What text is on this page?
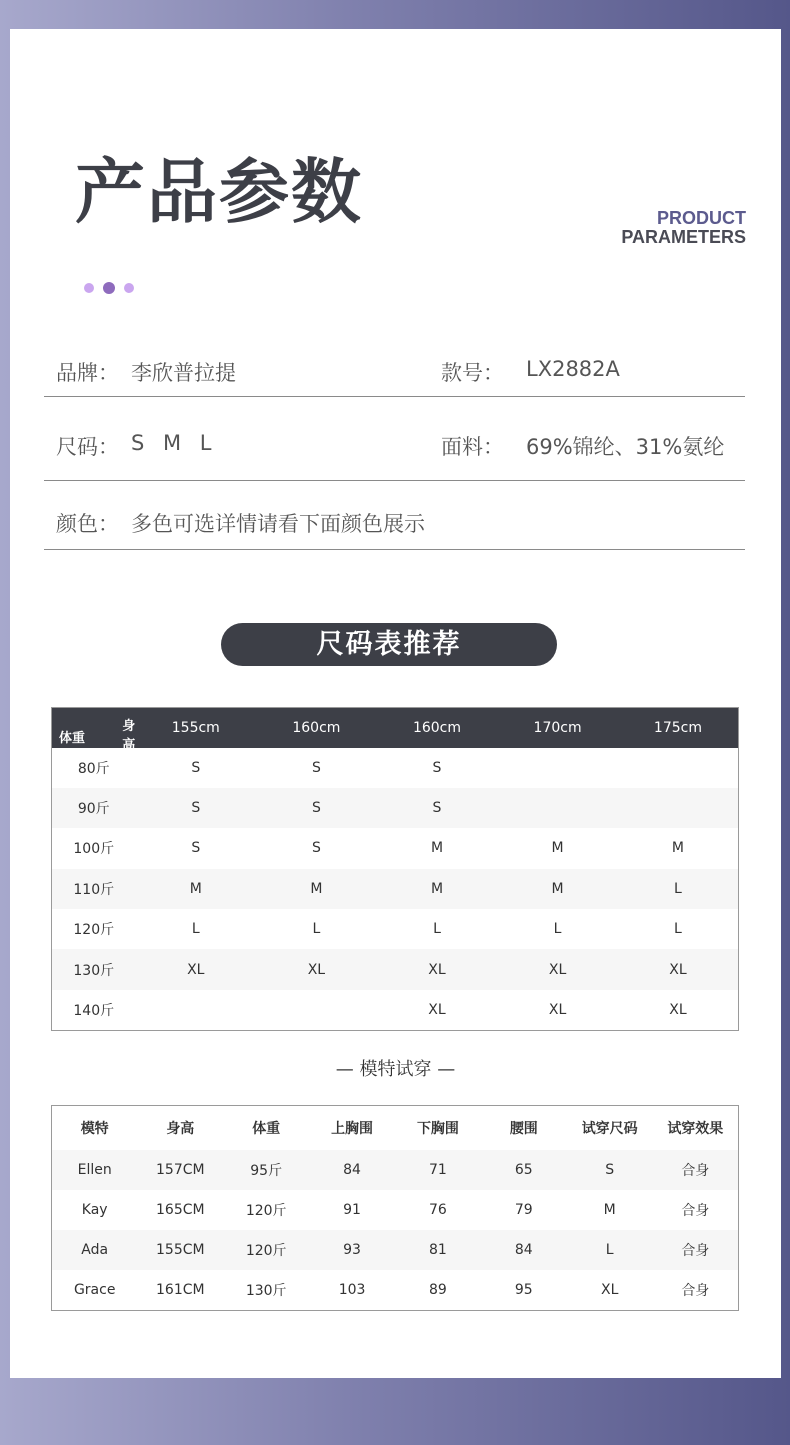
产品参数	PRODUCT
PARAMETERS
品牌： 李欣普拉提	款号： LX2882A
尺码： S M L	面料： 69%锦纶、31%氨纶
颜色： 多色可选详情请看下面颜色展示
尺码表推荐
身高
体重	155cm	160cm	160cm	170cm	175cm
80斤	S	S	S		
90斤	S	S	S		
100斤	S	S	M	M	M
110斤	M	M	M	M	L
120斤	L	L	L	L	L
130斤	XL	XL	XL	XL	XL
140斤			XL	XL	XL
— 模特试穿 —
模特	身高	体重	上胸围	下胸围	腰围	试穿尺码	试穿效果
Ellen	157CM	95斤	84	71	65	S	合身
Kay	165CM	120斤	91	76	79	M	合身
Ada	155CM	120斤	93	81	84	L	合身
Grace	161CM	130斤	103	89	95	XL	合身
